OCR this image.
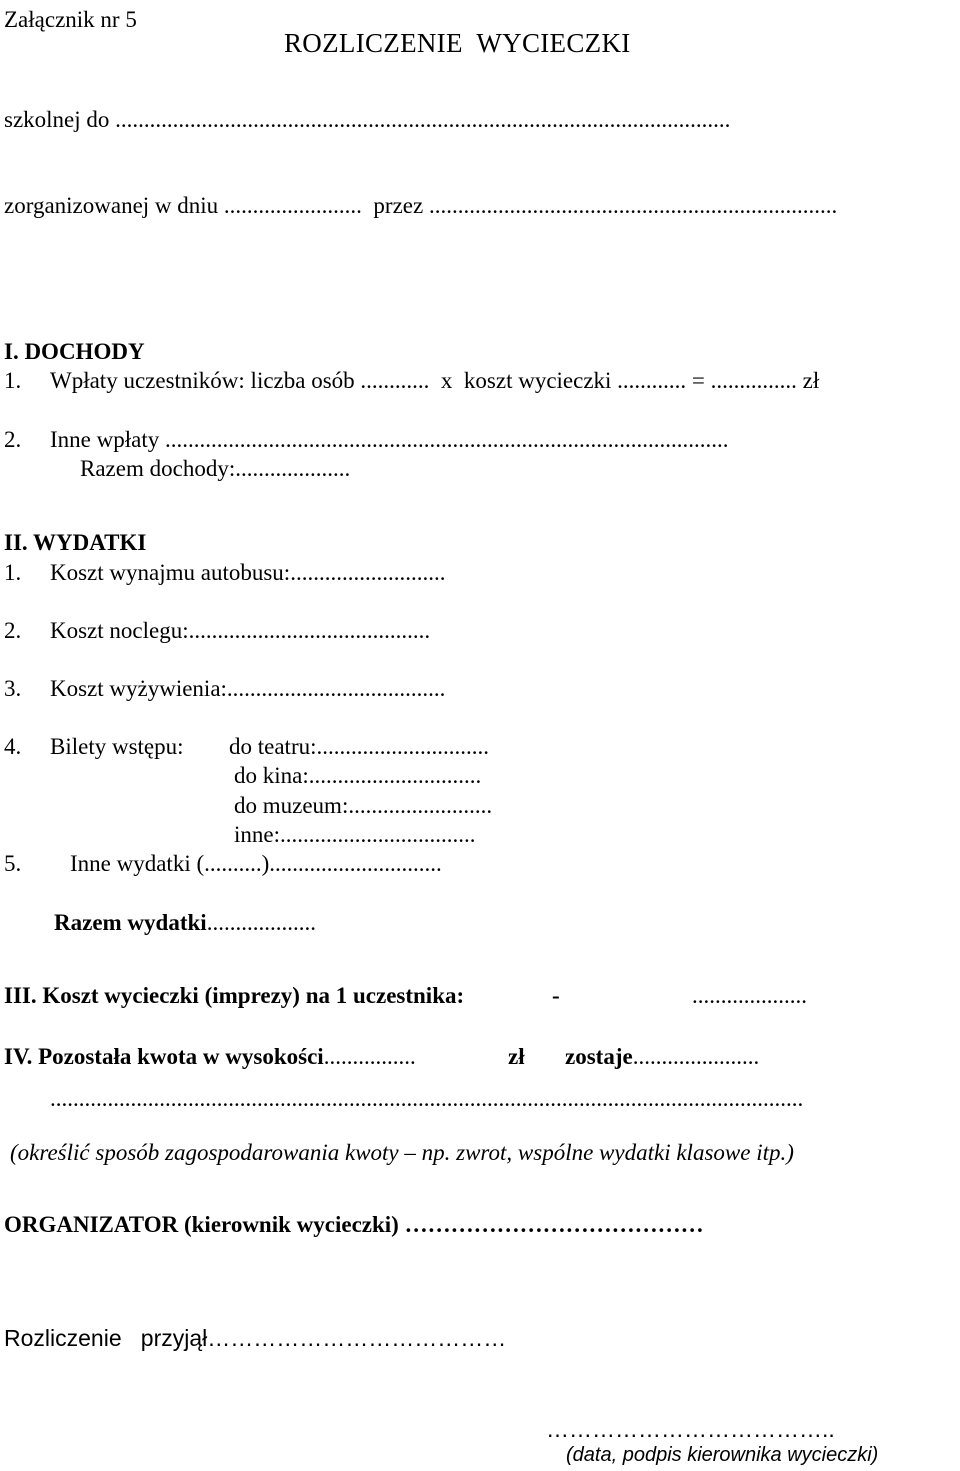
Załącznik nr 5
ROZLICZENIE  WYCIECZKI
szkolnej do ...........................................................................................................
zorganizowanej w dniu ........................  przez .......................................................................
I. DOCHODY
1. Wpłaty uczestników: liczba osób ............  x  koszt wycieczki ............ = ............... zł
2. Inne wpłaty ..................................................................................................
Razem dochody:....................
II. WYDATKI
1. Koszt wynajmu autobusu:...........................
2. Koszt noclegu:..........................................
3. Koszt wyżywienia:......................................
4. Bilety wstępu: do teatru:..............................
do kina:..............................
do muzeum:.........................
inne:..................................
5. Inne wydatki (..........)..............................
Razem wydatki...................
III. Koszt wycieczki (imprezy) na 1 uczestnika:	-	....................
IV. Pozostała kwota w wysokości................	zł zostaje......................
...................................................................................................................................
(określić sposób zagospodarowania kwoty – np. zwrot, wspólne wydatki klasowe itp.)
ORGANIZATOR (kierownik wycieczki) …………………………………
Rozliczenie   przyjął…………………………………
………………………………..
(data, podpis kierownika wycieczki)
